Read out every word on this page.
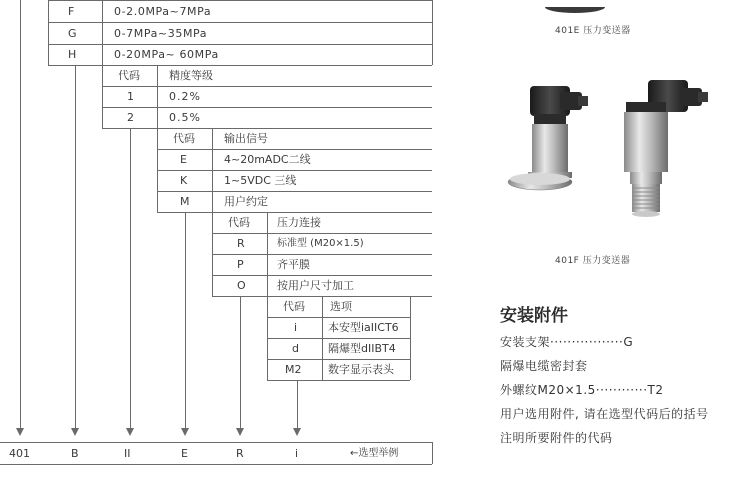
F	0-2.0MPa~7MPa
G	0-7MPa~35MPa
H	0-20MPa~ 60MPa
代码	精度等级
1	0.2%
2	0.5%
代码	输出信号
E	4~20mADC二线
K	1~5VDC 三线
M	用户约定
代码 压力连接
R	标准型 (M20×1.5)
P	齐平膜
O	按用户尺寸加工
代码 选项
i	本安型iaIICT6
d	隔爆型dIIBT4
M2 数字显示表头
401	B	II	E	R	i	←选型举例
401E 压力变送器
401F 压力变送器
安装附件
安装支架·················G
隔爆电缆密封套
外螺纹M20×1.5············T2
用户选用附件, 请在选型代码后的括号
注明所要附件的代码
